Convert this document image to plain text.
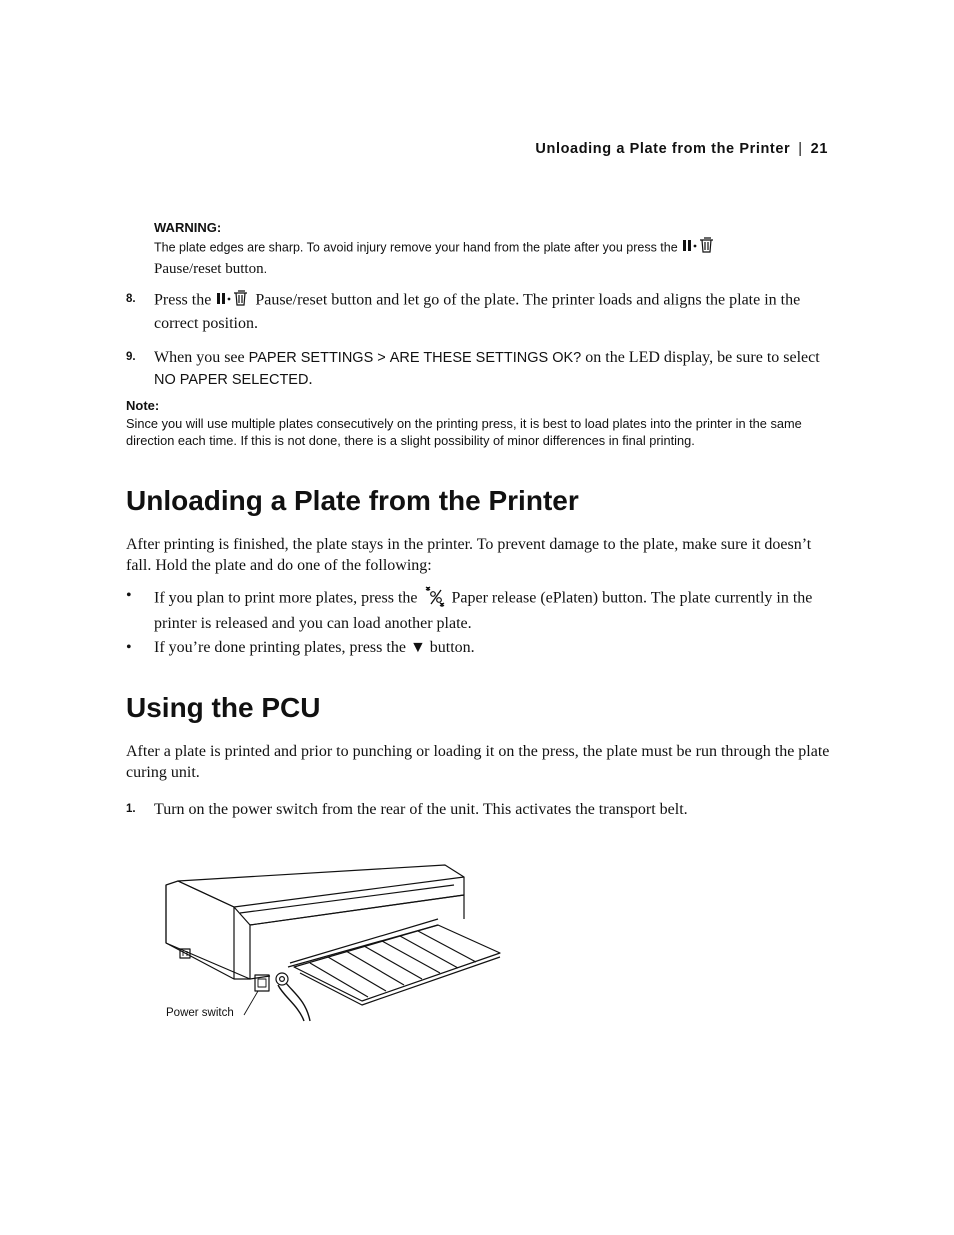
Unloading a Plate from the Printer | 21
WARNING:
The plate edges are sharp. To avoid injury remove your hand from the plate after you press the
Pause/reset button.
8. Press the	Pause/reset button and let go of the plate. The printer loads and aligns the plate in the correct position.
9. When you see PAPER SETTINGS > ARE THESE SETTINGS OK? on the LED display, be sure to select NO PAPER SELECTED.
Note:
Since you will use multiple plates consecutively on the printing press, it is best to load plates into the printer in the same direction each time. If this is not done, there is a slight possibility of minor differences in final printing.
Unloading a Plate from the Printer
After printing is finished, the plate stays in the printer. To prevent damage to the plate, make sure it doesn’t fall. Hold the plate and do one of the following:
• If you plan to print more plates, press the Paper release (ePlaten) button. The plate currently in the printer is released and you can load another plate.
• If you’re done printing plates, press the ▼ button.
Using the PCU
After a plate is printed and prior to punching or loading it on the press, the plate must be run through the plate curing unit.
1. Turn on the power switch from the rear of the unit. This activates the transport belt.
Power switch
